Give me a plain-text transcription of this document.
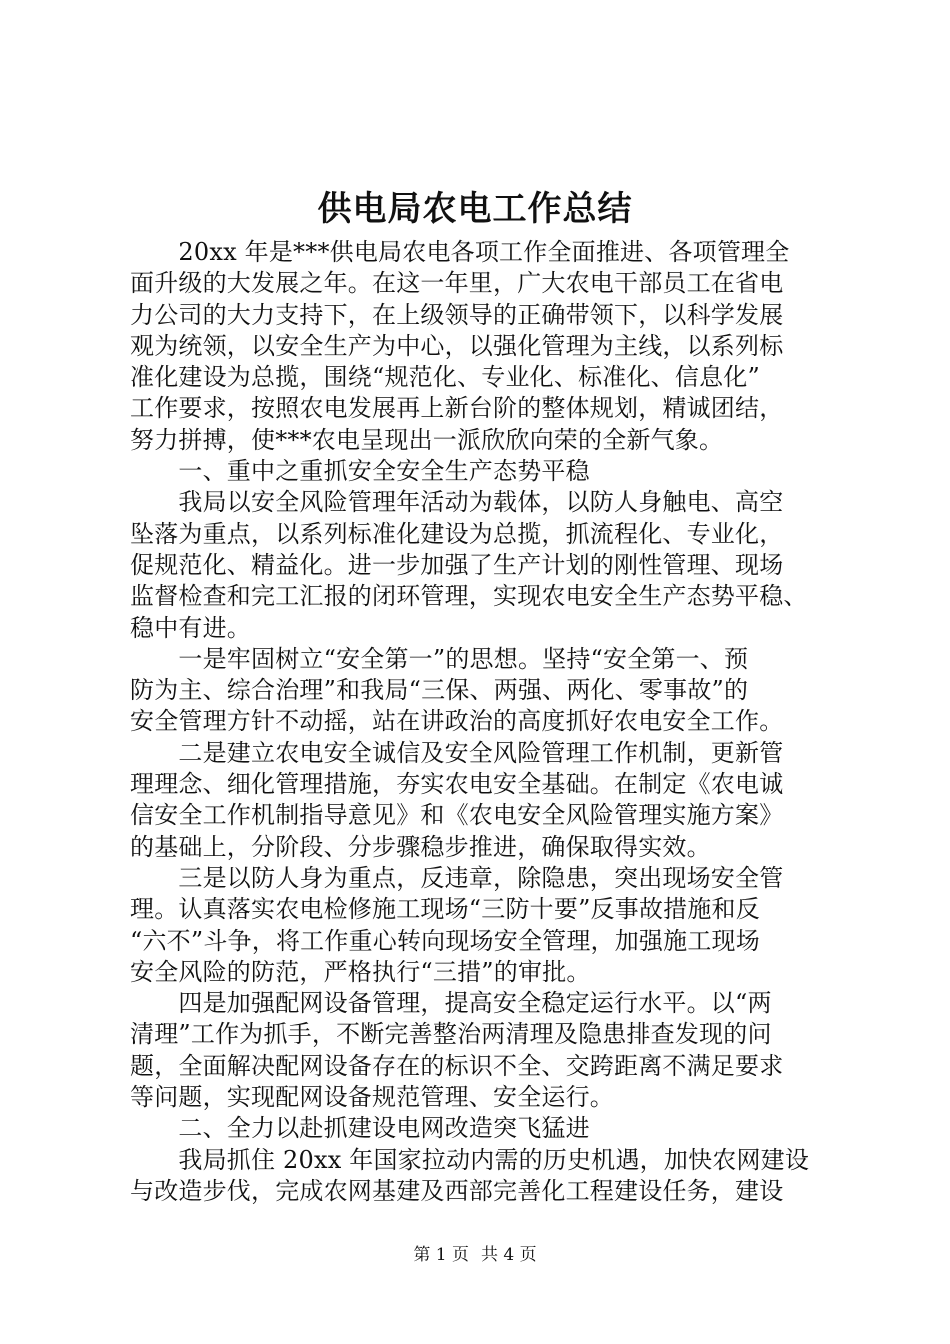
供电局农电工作总结
　　20xx 年是***供电局农电各项工作全面推进、各项管理全
面升级的大发展之年。在这一年里，广大农电干部员工在省电
力公司的大力支持下，在上级领导的正确带领下，以科学发展
观为统领，以安全生产为中心，以强化管理为主线，以系列标
准化建设为总揽，围绕“规范化、专业化、标准化、信息化”
工作要求，按照农电发展再上新台阶的整体规划，精诚团结，
努力拼搏，使***农电呈现出一派欣欣向荣的全新气象。
　　一、重中之重抓安全安全生产态势平稳
　　我局以安全风险管理年活动为载体，以防人身触电、高空
坠落为重点，以系列标准化建设为总揽，抓流程化、专业化，
促规范化、精益化。进一步加强了生产计划的刚性管理、现场
监督检查和完工汇报的闭环管理，实现农电安全生产态势平稳、
稳中有进。
　　一是牢固树立“安全第一”的思想。坚持“安全第一、预
防为主、综合治理”和我局“三保、两强、两化、零事故”的
安全管理方针不动摇，站在讲政治的高度抓好农电安全工作。
　　二是建立农电安全诚信及安全风险管理工作机制，更新管
理理念、细化管理措施，夯实农电安全基础。在制定《农电诚
信安全工作机制指导意见》和《农电安全风险管理实施方案》
的基础上，分阶段、分步骤稳步推进，确保取得实效。
　　三是以防人身为重点，反违章，除隐患，突出现场安全管
理。认真落实农电检修施工现场“三防十要”反事故措施和反
“六不”斗争，将工作重心转向现场安全管理，加强施工现场
安全风险的防范，严格执行“三措”的审批。
　　四是加强配网设备管理，提高安全稳定运行水平。以“两
清理”工作为抓手，不断完善整治两清理及隐患排查发现的问
题，全面解决配网设备存在的标识不全、交跨距离不满足要求
等问题，实现配网设备规范管理、安全运行。
　　二、全力以赴抓建设电网改造突飞猛进
　　我局抓住 20xx 年国家拉动内需的历史机遇，加快农网建设
与改造步伐，完成农网基建及西部完善化工程建设任务，建设
第 1 页 共 4 页
